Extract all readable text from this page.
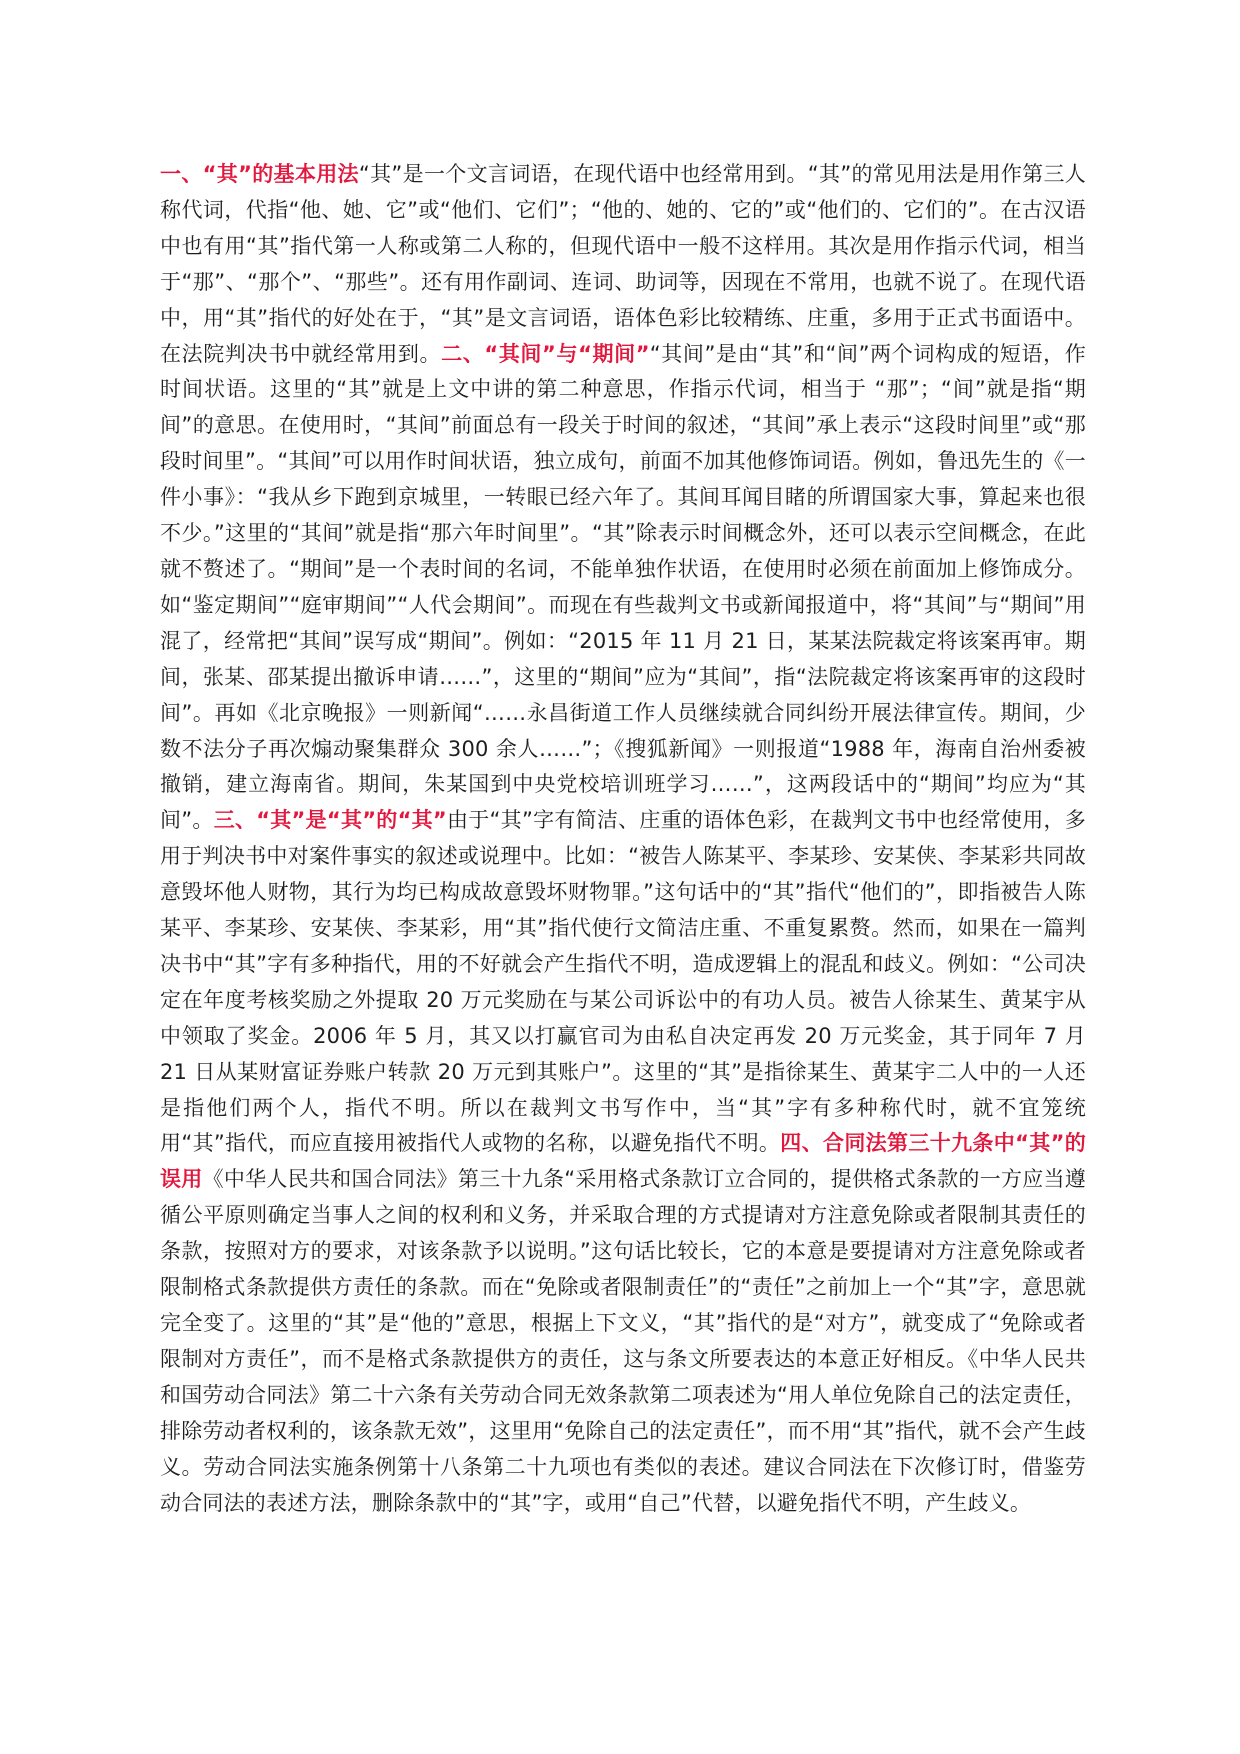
一、“其”的基本用法“其”是一个文言词语，在现代语中也经常用到。“其”的常见用法是用作第三人称代词，代指“他、她、它”或“他们、它们”；“他的、她的、它的”或“他们的、它们的”。在古汉语中也有用“其”指代第一人称或第二人称的，但现代语中一般不这样用。其次是用作指示代词，相当于“那”、“那个”、“那些”。还有用作副词、连词、助词等，因现在不常用，也就不说了。在现代语中，用“其”指代的好处在于，“其”是文言词语，语体色彩比较精练、庄重，多用于正式书面语中。在法院判决书中就经常用到。二、“其间”与“期间”“其间”是由“其”和“间”两个词构成的短语，作时间状语。这里的“其”就是上文中讲的第二种意思，作指示代词，相当于 “那”；“间”就是指“期间”的意思。在使用时，“其间”前面总有一段关于时间的叙述，“其间”承上表示“这段时间里”或“那段时间里”。“其间”可以用作时间状语，独立成句，前面不加其他修饰词语。例如，鲁迅先生的《一件小事》：“我从乡下跑到京城里，一转眼已经六年了。其间耳闻目睹的所谓国家大事，算起来也很不少。”这里的“其间”就是指“那六年时间里”。“其”除表示时间概念外，还可以表示空间概念，在此就不赘述了。“期间”是一个表时间的名词，不能单独作状语，在使用时必须在前面加上修饰成分。如“鉴定期间”“庭审期间”“人代会期间”。而现在有些裁判文书或新闻报道中，将“其间”与“期间”用混了，经常把“其间”误写成“期间”。例如：“2015 年 11 月 21 日，某某法院裁定将该案再审。期间，张某、邵某提出撤诉申请……”，这里的“期间”应为“其间”，指“法院裁定将该案再审的这段时间”。再如《北京晚报》一则新闻“……永昌街道工作人员继续就合同纠纷开展法律宣传。期间，少数不法分子再次煽动聚集群众 300 余人……”；《搜狐新闻》一则报道“1988 年，海南自治州委被撤销，建立海南省。期间，朱某国到中央党校培训班学习……”，这两段话中的“期间”均应为“其间”。三、“其”是“其”的“其”由于“其”字有简洁、庄重的语体色彩，在裁判文书中也经常使用，多用于判决书中对案件事实的叙述或说理中。比如：“被告人陈某平、李某珍、安某侠、李某彩共同故意毁坏他人财物，其行为均已构成故意毁坏财物罪。”这句话中的“其”指代“他们的”，即指被告人陈某平、李某珍、安某侠、李某彩，用“其”指代使行文简洁庄重、不重复累赘。然而，如果在一篇判决书中“其”字有多种指代，用的不好就会产生指代不明，造成逻辑上的混乱和歧义。例如：“公司决定在年度考核奖励之外提取 20 万元奖励在与某公司诉讼中的有功人员。被告人徐某生、黄某宇从中领取了奖金。2006 年 5 月，其又以打赢官司为由私自决定再发 20 万元奖金，其于同年 7 月 21 日从某财富证券账户转款 20 万元到其账户”。这里的“其”是指徐某生、黄某宇二人中的一人还是指他们两个人，指代不明。所以在裁判文书写作中，当“其”字有多种称代时，就不宜笼统用“其”指代，而应直接用被指代人或物的名称，以避免指代不明。四、合同法第三十九条中“其”的误用《中华人民共和国合同法》第三十九条“采用格式条款订立合同的，提供格式条款的一方应当遵循公平原则确定当事人之间的权利和义务，并采取合理的方式提请对方注意免除或者限制其责任的条款，按照对方的要求，对该条款予以说明。”这句话比较长，它的本意是要提请对方注意免除或者限制格式条款提供方责任的条款。而在“免除或者限制责任”的“责任”之前加上一个“其”字，意思就完全变了。这里的“其”是“他的”意思，根据上下文义，“其”指代的是“对方”，就变成了“免除或者限制对方责任”，而不是格式条款提供方的责任，这与条文所要表达的本意正好相反。《中华人民共和国劳动合同法》第二十六条有关劳动合同无效条款第二项表述为“用人单位免除自己的法定责任，排除劳动者权利的，该条款无效”，这里用“免除自己的法定责任”，而不用“其”指代，就不会产生歧义。劳动合同法实施条例第十八条第二十九项也有类似的表述。建议合同法在下次修订时，借鉴劳动合同法的表述方法，删除条款中的“其”字，或用“自己”代替，以避免指代不明，产生歧义。
